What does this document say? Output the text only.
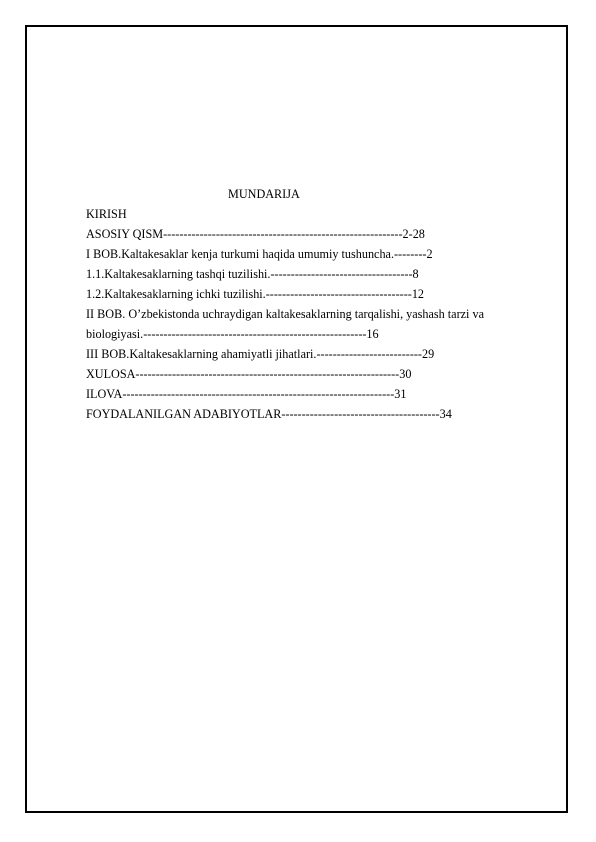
MUNDARIJA
KIRISH
ASOSIY QISM-----------------------------------------------------------2-28
I BOB.Kaltakesaklar kenja turkumi haqida umumiy tushuncha.--------2
1.1.Kaltakesaklarning tashqi tuzilishi.-----------------------------------8
1.2.Kaltakesaklarning ichki tuzilishi.------------------------------------12
II BOB. O’zbekistonda uchraydigan kaltakesaklarning tarqalishi, yashash tarzi va
biologiyasi.-------------------------------------------------------16
III BOB.Kaltakesaklarning ahamiyatli jihatlari.--------------------------29
XULOSA-----------------------------------------------------------------30
ILOVA-------------------------------------------------------------------31
FOYDALANILGAN ADABIYOTLAR---------------------------------------34
